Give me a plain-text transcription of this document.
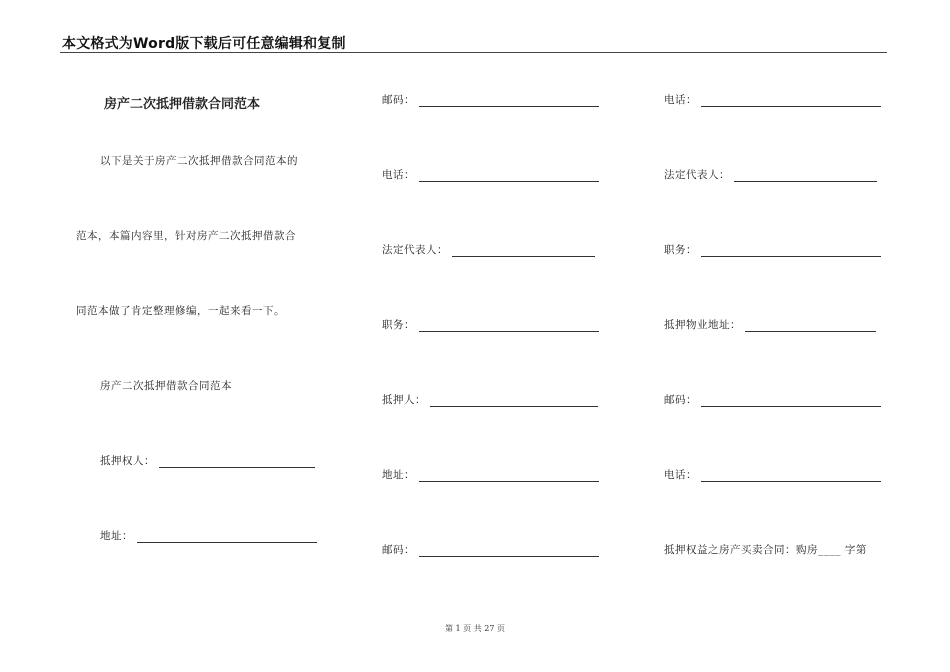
本文格式为Word版下载后可任意编辑和复制
房产二次抵押借款合同范本
以下是关于房产二次抵押借款合同范本的
范本，本篇内容里，针对房产二次抵押借款合
同范本做了肯定整理修编，一起来看一下。
房产二次抵押借款合同范本
抵押权人：
地址：
邮码：
电话：
法定代表人：
职务：
抵押人：
地址：
邮码：
电话：
法定代表人：
职务：
抵押物业地址：
邮码：
电话：
抵押权益之房产买卖合同：购房____ 字第
第 1 页 共 27 页
